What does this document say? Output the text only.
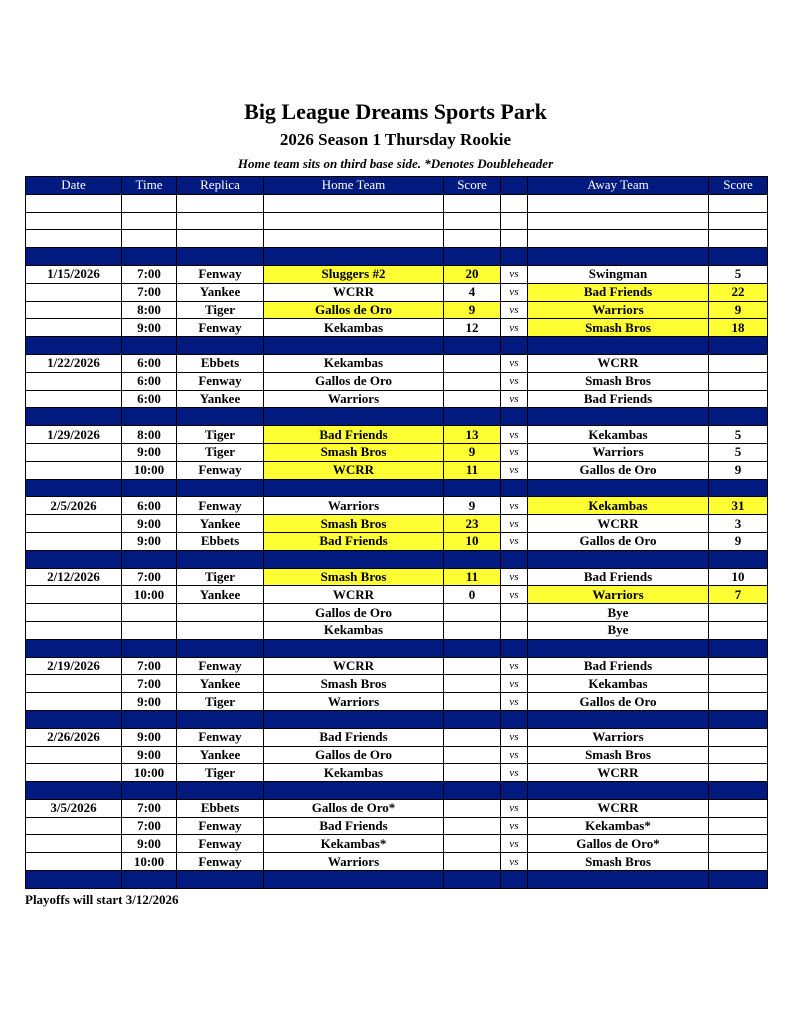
Big League Dreams Sports Park
2026 Season 1 Thursday Rookie
Home team sits on third base side. *Denotes Doubleheader
Date	Time	Replica	Home Team	Score		Away Team	Score

1/15/2026	7:00	Fenway	Sluggers #2	20	vs	Swingman	5
	7:00	Yankee	WCRR	4	vs	Bad Friends	22
	8:00	Tiger	Gallos de Oro	9	vs	Warriors	9
	9:00	Fenway	Kekambas	12	vs	Smash Bros	18

1/22/2026	6:00	Ebbets	Kekambas		vs	WCRR	
	6:00	Fenway	Gallos de Oro		vs	Smash Bros	
	6:00	Yankee	Warriors		vs	Bad Friends	

1/29/2026	8:00	Tiger	Bad Friends	13	vs	Kekambas	5
	9:00	Tiger	Smash Bros	9	vs	Warriors	5
	10:00	Fenway	WCRR	11	vs	Gallos de Oro	9

2/5/2026	6:00	Fenway	Warriors	9	vs	Kekambas	31
	9:00	Yankee	Smash Bros	23	vs	WCRR	3
	9:00	Ebbets	Bad Friends	10	vs	Gallos de Oro	9

2/12/2026	7:00	Tiger	Smash Bros	11	vs	Bad Friends	10
	10:00	Yankee	WCRR	0	vs	Warriors	7
			Gallos de Oro			Bye	
			Kekambas			Bye	

2/19/2026	7:00	Fenway	WCRR		vs	Bad Friends	
	7:00	Yankee	Smash Bros		vs	Kekambas	
	9:00	Tiger	Warriors		vs	Gallos de Oro	

2/26/2026	9:00	Fenway	Bad Friends		vs	Warriors	
	9:00	Yankee	Gallos de Oro		vs	Smash Bros	
	10:00	Tiger	Kekambas		vs	WCRR	

3/5/2026	7:00	Ebbets	Gallos de Oro*		vs	WCRR	
	7:00	Fenway	Bad Friends		vs	Kekambas*	
	9:00	Fenway	Kekambas*		vs	Gallos de Oro*	
	10:00	Fenway	Warriors		vs	Smash Bros	

Playoffs will start 3/12/2026
